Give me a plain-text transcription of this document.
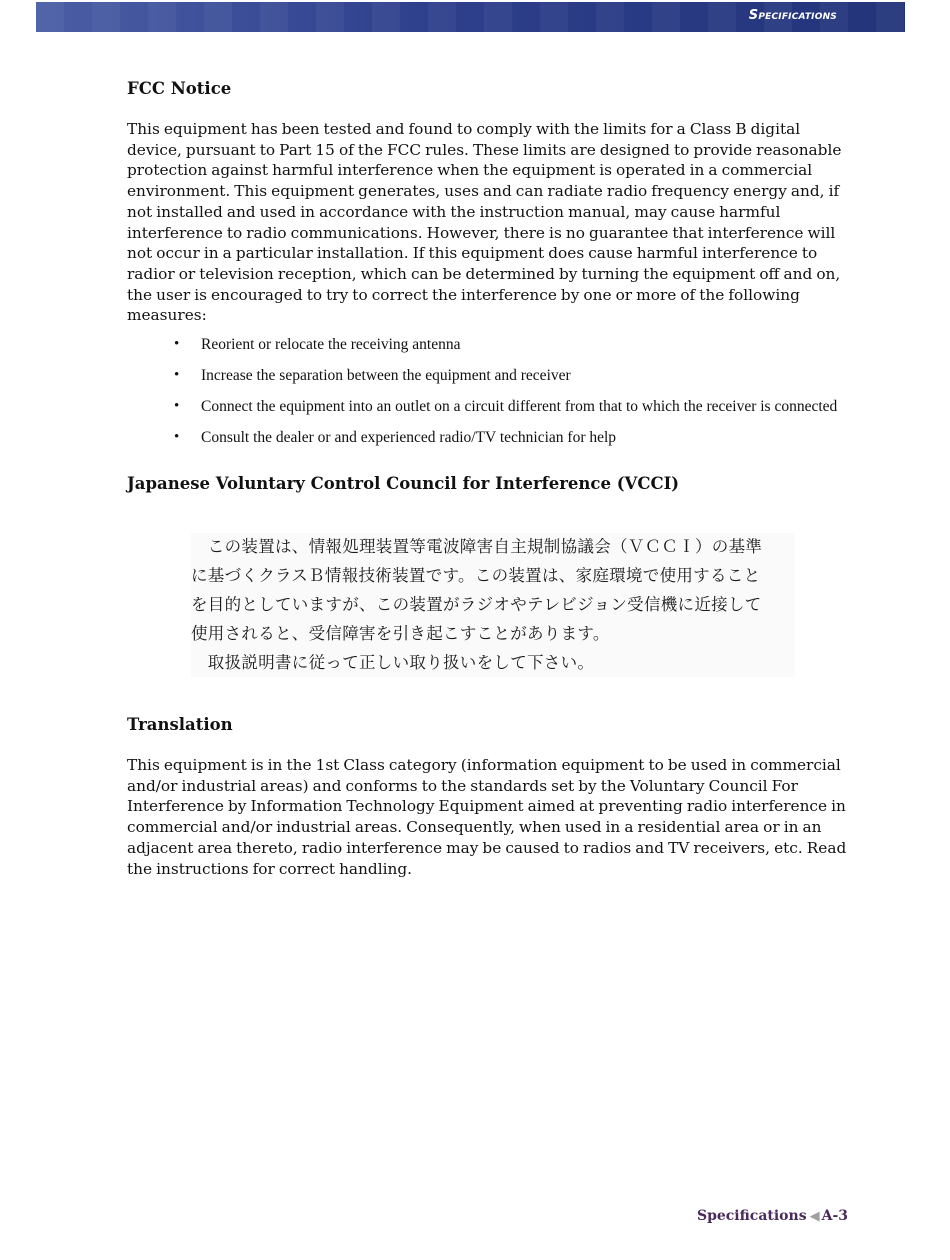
Specifications
FCC Notice

This equipment has been tested and found to comply with the limits for a Class B digital device, pursuant to Part 15 of the FCC rules. These limits are designed to provide reasonable protection against harmful interference when the equipment is operated in a commercial environment. This equipment generates, uses and can radiate radio frequency energy and, if not installed and used in accordance with the instruction manual, may cause harmful interference to radio communications. However, there is no guarantee that interference will not occur in a particular installation. If this equipment does cause harmful interference to radior or television reception, which can be determined by turning the equipment off and on, the user is encouraged to try to correct the interference by one or more of the following measures:

• Reorient or relocate the receiving antenna
• Increase the separation between the equipment and receiver
• Connect the equipment into an outlet on a circuit different from that to which the receiver is connected
• Consult the dealer or and experienced radio/TV technician for help
Japanese Voluntary Control Council for Interference (VCCI)
　この装置は、情報処理装置等電波障害自主規制協議会（ＶＣＣＩ）の基準
に基づくクラスＢ情報技術装置です。この装置は、家庭環境で使用すること
を目的としていますが、この装置がラジオやテレビジョン受信機に近接して
使用されると、受信障害を引き起こすことがあります。
　取扱説明書に従って正しい取り扱いをして下さい。
Translation

This equipment is in the 1st Class category (information equipment to be used in commercial and/or industrial areas) and conforms to the standards set by the Voluntary Council For Interference by Information Technology Equipment aimed at preventing radio interference in commercial and/or industrial areas. Consequently, when used in a residential area or in an adjacent area thereto, radio interference may be caused to radios and TV receivers, etc. Read the instructions for correct handling.

Specifications ◀ A-3
